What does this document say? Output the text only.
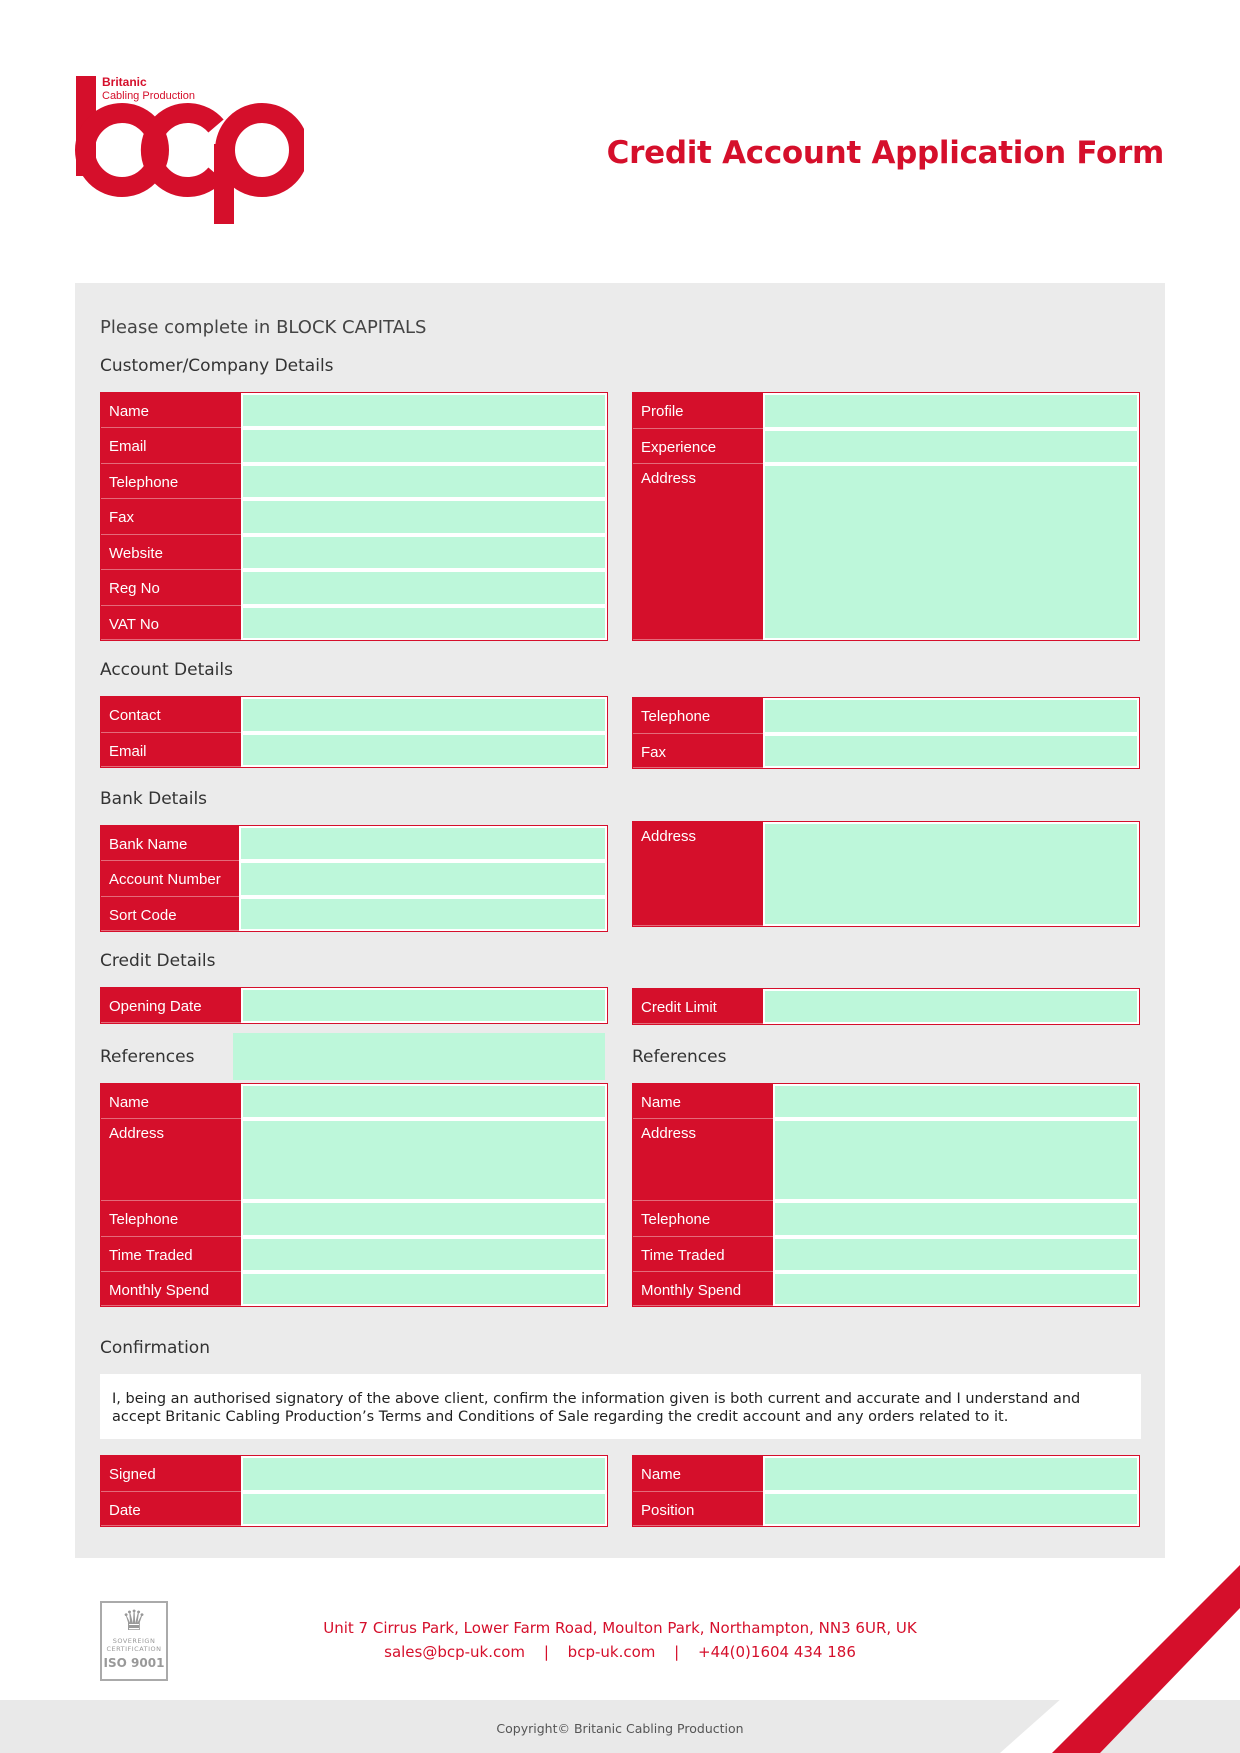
Britanic
Cabling Production
Credit Account Application Form
Please complete in BLOCK CAPITALS
Customer/Company Details
Name
Email
Telephone
Fax
Website
Reg No
VAT No
Profile
Experience
Address
Account Details
Contact
Email
Telephone
Fax
Bank Details
Bank Name
Account Number
Sort Code
Address
Credit Details
Opening Date	Credit Limit
References	References
Name
Address
Telephone
Time Traded
Monthly Spend
Name
Address
Telephone
Time Traded
Monthly Spend
Confirmation
I, being an authorised signatory of the above client, confirm the information given is both current and accurate and I understand and accept Britanic Cabling Production’s Terms and Conditions of Sale regarding the credit account and any orders related to it.
Signed
Date
Name
Position
♛
SOVEREIGN
CERTIFICATION
ISO 9001
Unit 7 Cirrus Park, Lower Farm Road, Moulton Park, Northampton, NN3 6UR, UK
sales@bcp-uk.com | bcp-uk.com | +44(0)1604 434 186
Copyright© Britanic Cabling Production
